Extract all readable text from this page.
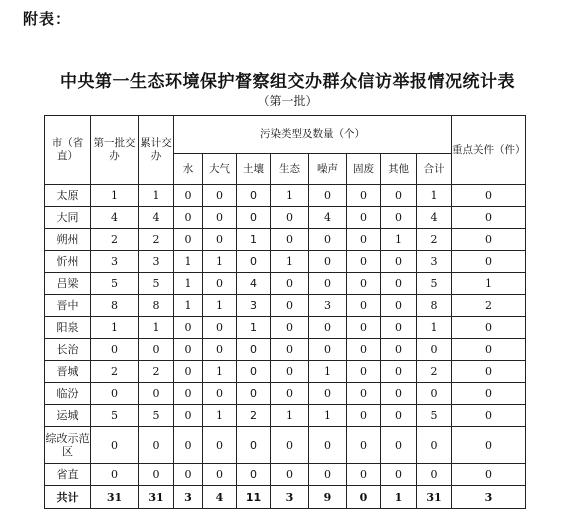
附表：
中央第一生态环境保护督察组交办群众信访举报情况统计表
（第一批）
市（省直）	第一批交办	累计交办	污染类型及数量（个）								重点关件（件）
			水	大气	土壤	生态	噪声	固废	其他	合计	
太原	1	1	0	0	0	1	0	0	0	1	0
大同	4	4	0	0	0	0	4	0	0	4	0
朔州	2	2	0	0	1	0	0	0	1	2	0
忻州	3	3	1	1	0	1	0	0	0	3	0
吕梁	5	5	1	0	4	0	0	0	0	5	1
晋中	8	8	1	1	3	0	3	0	0	8	2
阳泉	1	1	0	0	1	0	0	0	0	1	0
长治	0	0	0	0	0	0	0	0	0	0	0
晋城	2	2	0	1	0	0	1	0	0	2	0
临汾	0	0	0	0	0	0	0	0	0	0	0
运城	5	5	0	1	2	1	1	0	0	5	0
综改示范区	0	0	0	0	0	0	0	0	0	0	0
省直	0	0	0	0	0	0	0	0	0	0	0
共计	31	31	3	4	11	3	9	0	1	31	3
